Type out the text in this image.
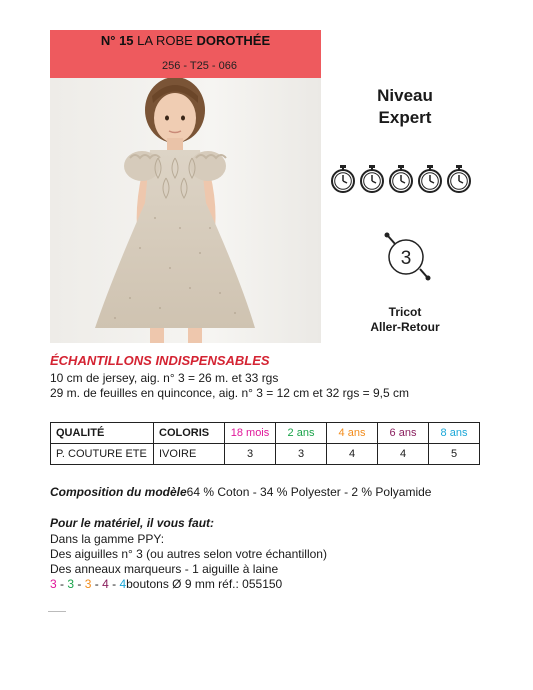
N° 15 LA ROBE DOROTHÉE
256 - T25 - 066
Niveau
Expert
3
Tricot
Aller-Retour
ÉCHANTILLONS INDISPENSABLES
10 cm de jersey, aig. n° 3 = 26 m. et 33 rgs
29 m. de feuilles en quinconce, aig. n° 3 = 12 cm et 32 rgs = 9,5 cm
QUALITÉ	COLORIS	18 mois	2 ans	4 ans	6 ans	8 ans
P. COUTURE ETE	IVOIRE	3	3	4	4	5
Composition du modèle64 % Coton - 34 % Polyester - 2 % Polyamide
Pour le matériel, il vous faut:
Dans la gamme PPY:
Des aiguilles n° 3 (ou autres selon votre échantillon)
Des anneaux marqueurs - 1 aiguille à laine
3 - 3 - 3 - 4 - 4boutons Ø 9 mm réf.: 055150
